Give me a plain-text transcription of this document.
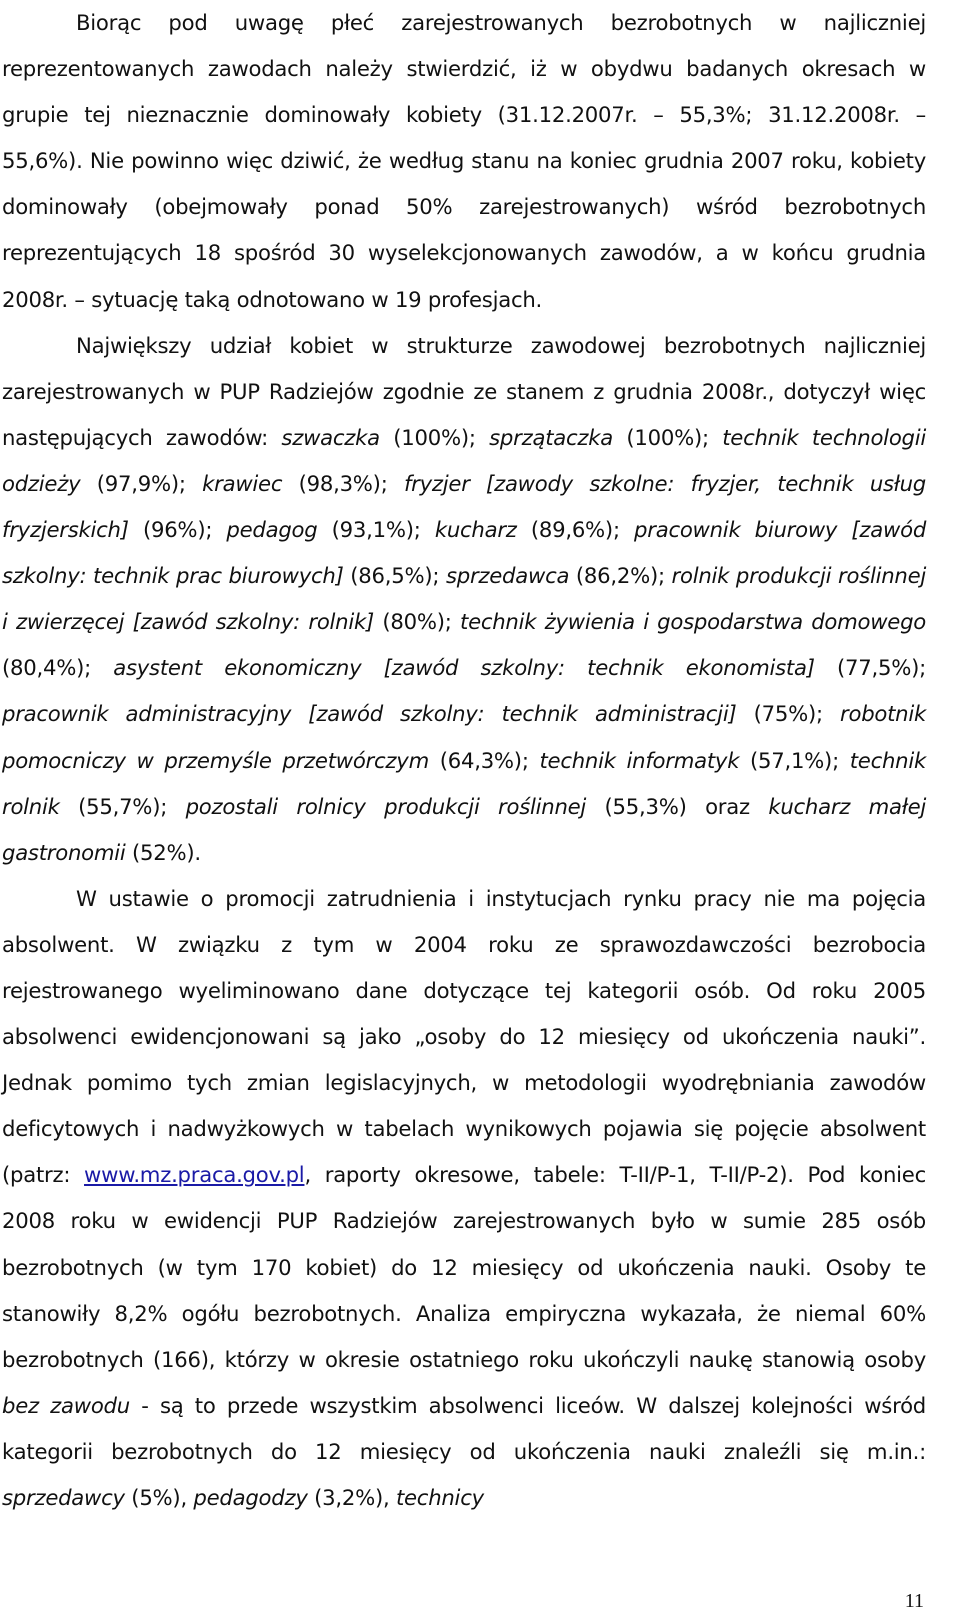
Biorąc pod uwagę płeć zarejestrowanych bezrobotnych w najliczniej reprezentowanych zawodach należy stwierdzić, iż w obydwu badanych okresach w grupie tej nieznacznie dominowały kobiety (31.12.2007r. – 55,3%; 31.12.2008r. – 55,6%). Nie powinno więc dziwić, że według stanu na koniec grudnia 2007 roku, kobiety dominowały (obejmowały ponad 50% zarejestrowanych) wśród bezrobotnych reprezentujących 18 spośród 30 wyselekcjonowanych zawodów, a w końcu grudnia 2008r. – sytuację taką odnotowano w 19 profesjach.

Największy udział kobiet w strukturze zawodowej bezrobotnych najliczniej zarejestrowanych w PUP Radziejów zgodnie ze stanem z grudnia 2008r., dotyczył więc następujących zawodów: szwaczka (100%); sprzątaczka (100%); technik technologii odzieży (97,9%); krawiec (98,3%); fryzjer [zawody szkolne: fryzjer, technik usług fryzjerskich] (96%); pedagog (93,1%); kucharz (89,6%); pracownik biurowy [zawód szkolny: technik prac biurowych] (86,5%); sprzedawca (86,2%); rolnik produkcji roślinnej i zwierzęcej [zawód szkolny: rolnik] (80%); technik żywienia i gospodarstwa domowego (80,4%); asystent ekonomiczny [zawód szkolny: technik ekonomista] (77,5%); pracownik administracyjny [zawód szkolny: technik administracji] (75%); robotnik pomocniczy w przemyśle przetwórczym (64,3%); technik informatyk (57,1%); technik rolnik (55,7%); pozostali rolnicy produkcji roślinnej (55,3%) oraz kucharz małej gastronomii (52%).

W ustawie o promocji zatrudnienia i instytucjach rynku pracy nie ma pojęcia absolwent. W związku z tym w 2004 roku ze sprawozdawczości bezrobocia rejestrowanego wyeliminowano dane dotyczące tej kategorii osób. Od roku 2005 absolwenci ewidencjonowani są jako „osoby do 12 miesięcy od ukończenia nauki”. Jednak pomimo tych zmian legislacyjnych, w metodologii wyodrębniania zawodów deficytowych i nadwyżkowych w tabelach wynikowych pojawia się pojęcie absolwent (patrz: www.mz.praca.gov.pl, raporty okresowe, tabele: T-II/P-1, T-II/P-2). Pod koniec 2008 roku w ewidencji PUP Radziejów zarejestrowanych było w sumie 285 osób bezrobotnych (w tym 170 kobiet) do 12 miesięcy od ukończenia nauki. Osoby te stanowiły 8,2% ogółu bezrobotnych. Analiza empiryczna wykazała, że niemal 60% bezrobotnych (166), którzy w okresie ostatniego roku ukończyli naukę stanowią osoby bez zawodu - są to przede wszystkim absolwenci liceów. W dalszej kolejności wśród kategorii bezrobotnych do 12 miesięcy od ukończenia nauki znaleźli się m.in.: sprzedawcy (5%), pedagodzy (3,2%), technicy

11
